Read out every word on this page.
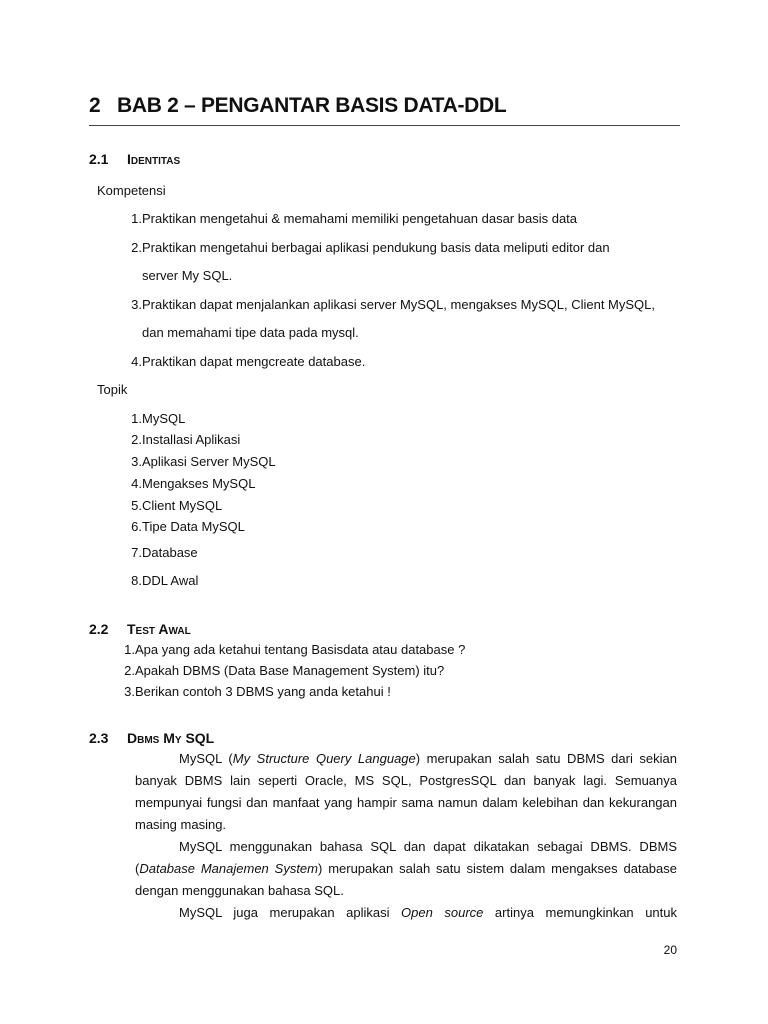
2 BAB 2 – PENGANTAR BASIS DATA-DDL
2.1 Identitas
Kompetensi
1. Praktikan mengetahui & memahami memiliki pengetahuan dasar basis data
2. Praktikan mengetahui berbagai aplikasi pendukung basis data meliputi editor dan
server My SQL.
3. Praktikan dapat menjalankan aplikasi server MySQL, mengakses MySQL, Client MySQL,
dan memahami tipe data pada mysql.
4. Praktikan dapat mengcreate database.
Topik
1. MySQL
2. Installasi Aplikasi
3. Aplikasi Server MySQL
4. Mengakses MySQL
5. Client MySQL
6. Tipe Data MySQL
7. Database
8. DDL Awal
2.2 Test Awal
1. Apa yang ada ketahui tentang Basisdata atau database ?
2. Apakah DBMS (Data Base Management System) itu?
3. Berikan contoh 3 DBMS yang anda ketahui !
2.3 Dbms My SQL

MySQL (My Structure Query Language) merupakan salah satu DBMS dari sekian banyak DBMS lain seperti Oracle, MS SQL, PostgresSQL dan banyak lagi. Semuanya mempunyai fungsi dan manfaat yang hampir sama namun dalam kelebihan dan kekurangan masing masing.

MySQL menggunakan bahasa SQL dan dapat dikatakan sebagai DBMS. DBMS (Database Manajemen System) merupakan salah satu sistem dalam mengakses database dengan menggunakan bahasa SQL.

MySQL juga merupakan aplikasi Open source artinya memungkinkan untuk

20
